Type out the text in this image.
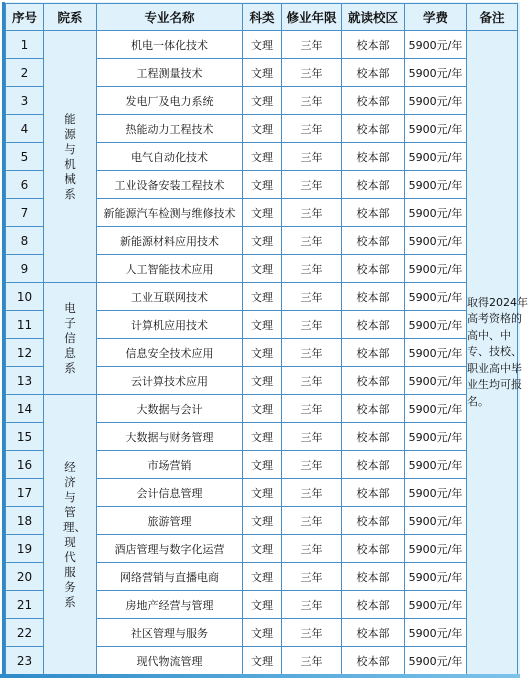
序号	院系	专业名称	科类	修业年限	就读校区	学费	备注
1	能源与机械系	机电一体化技术	文理	三年	校本部	5900元/年	取得2024年高考资格的高中、中专、技校、职业高中毕业生均可报名。
2		工程测量技术	文理	三年	校本部	5900元/年	
3		发电厂及电力系统	文理	三年	校本部	5900元/年	
4		热能动力工程技术	文理	三年	校本部	5900元/年	
5		电气自动化技术	文理	三年	校本部	5900元/年	
6		工业设备安装工程技术	文理	三年	校本部	5900元/年	
7		新能源汽车检测与维修技术	文理	三年	校本部	5900元/年	
8		新能源材料应用技术	文理	三年	校本部	5900元/年	
9		人工智能技术应用	文理	三年	校本部	5900元/年	
10	电子信息系	工业互联网技术	文理	三年	校本部	5900元/年	
11		计算机应用技术	文理	三年	校本部	5900元/年	
12		信息安全技术应用	文理	三年	校本部	5900元/年	
13		云计算技术应用	文理	三年	校本部	5900元/年	
14	经济与管理、现代服务系	大数据与会计	文理	三年	校本部	5900元/年	
15		大数据与财务管理	文理	三年	校本部	5900元/年	
16		市场营销	文理	三年	校本部	5900元/年	
17		会计信息管理	文理	三年	校本部	5900元/年	
18		旅游管理	文理	三年	校本部	5900元/年	
19		酒店管理与数字化运营	文理	三年	校本部	5900元/年	
20		网络营销与直播电商	文理	三年	校本部	5900元/年	
21		房地产经营与管理	文理	三年	校本部	5900元/年	
22		社区管理与服务	文理	三年	校本部	5900元/年	
23		现代物流管理	文理	三年	校本部	5900元/年	
